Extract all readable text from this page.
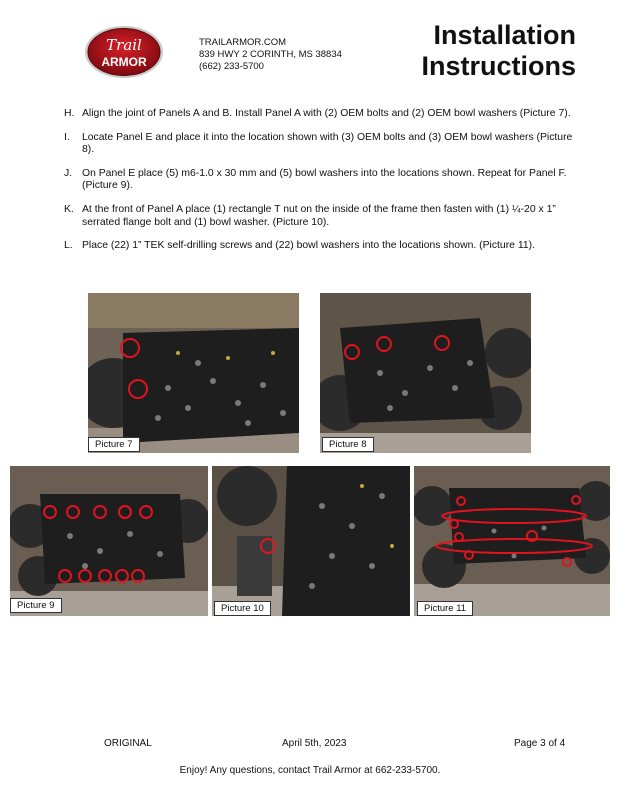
Trail
ARMOR
TRAILARMOR.COM
839 HWY 2 CORINTH, MS 38834
(662) 233-5700
Installation
Instructions
H. Align the joint of Panels A and B. Install Panel A with (2) OEM bolts and (2) OEM bowl washers (Picture 7).
I. Locate Panel E and place it into the location shown with (3) OEM bolts and (3) OEM bowl washers (Picture 8).
J. On Panel E place (5) m6-1.0 x 30 mm and (5) bowl washers into the locations shown. Repeat for Panel F. (Picture 9).
K. At the front of Panel A place (1) rectangle T nut on the inside of the frame then fasten with (1) ¼-20 x 1” serrated flange bolt and (1) bowl washer. (Picture 10).
L. Place (22) 1” TEK self-drilling screws and (22) bowl washers into the locations shown. (Picture 11).
Picture 7	Picture 8
Picture 9	Picture 10	Picture 11
ORIGINAL	April 5th, 2023	Page 3 of 4
Enjoy! Any questions, contact Trail Armor at 662-233-5700.
